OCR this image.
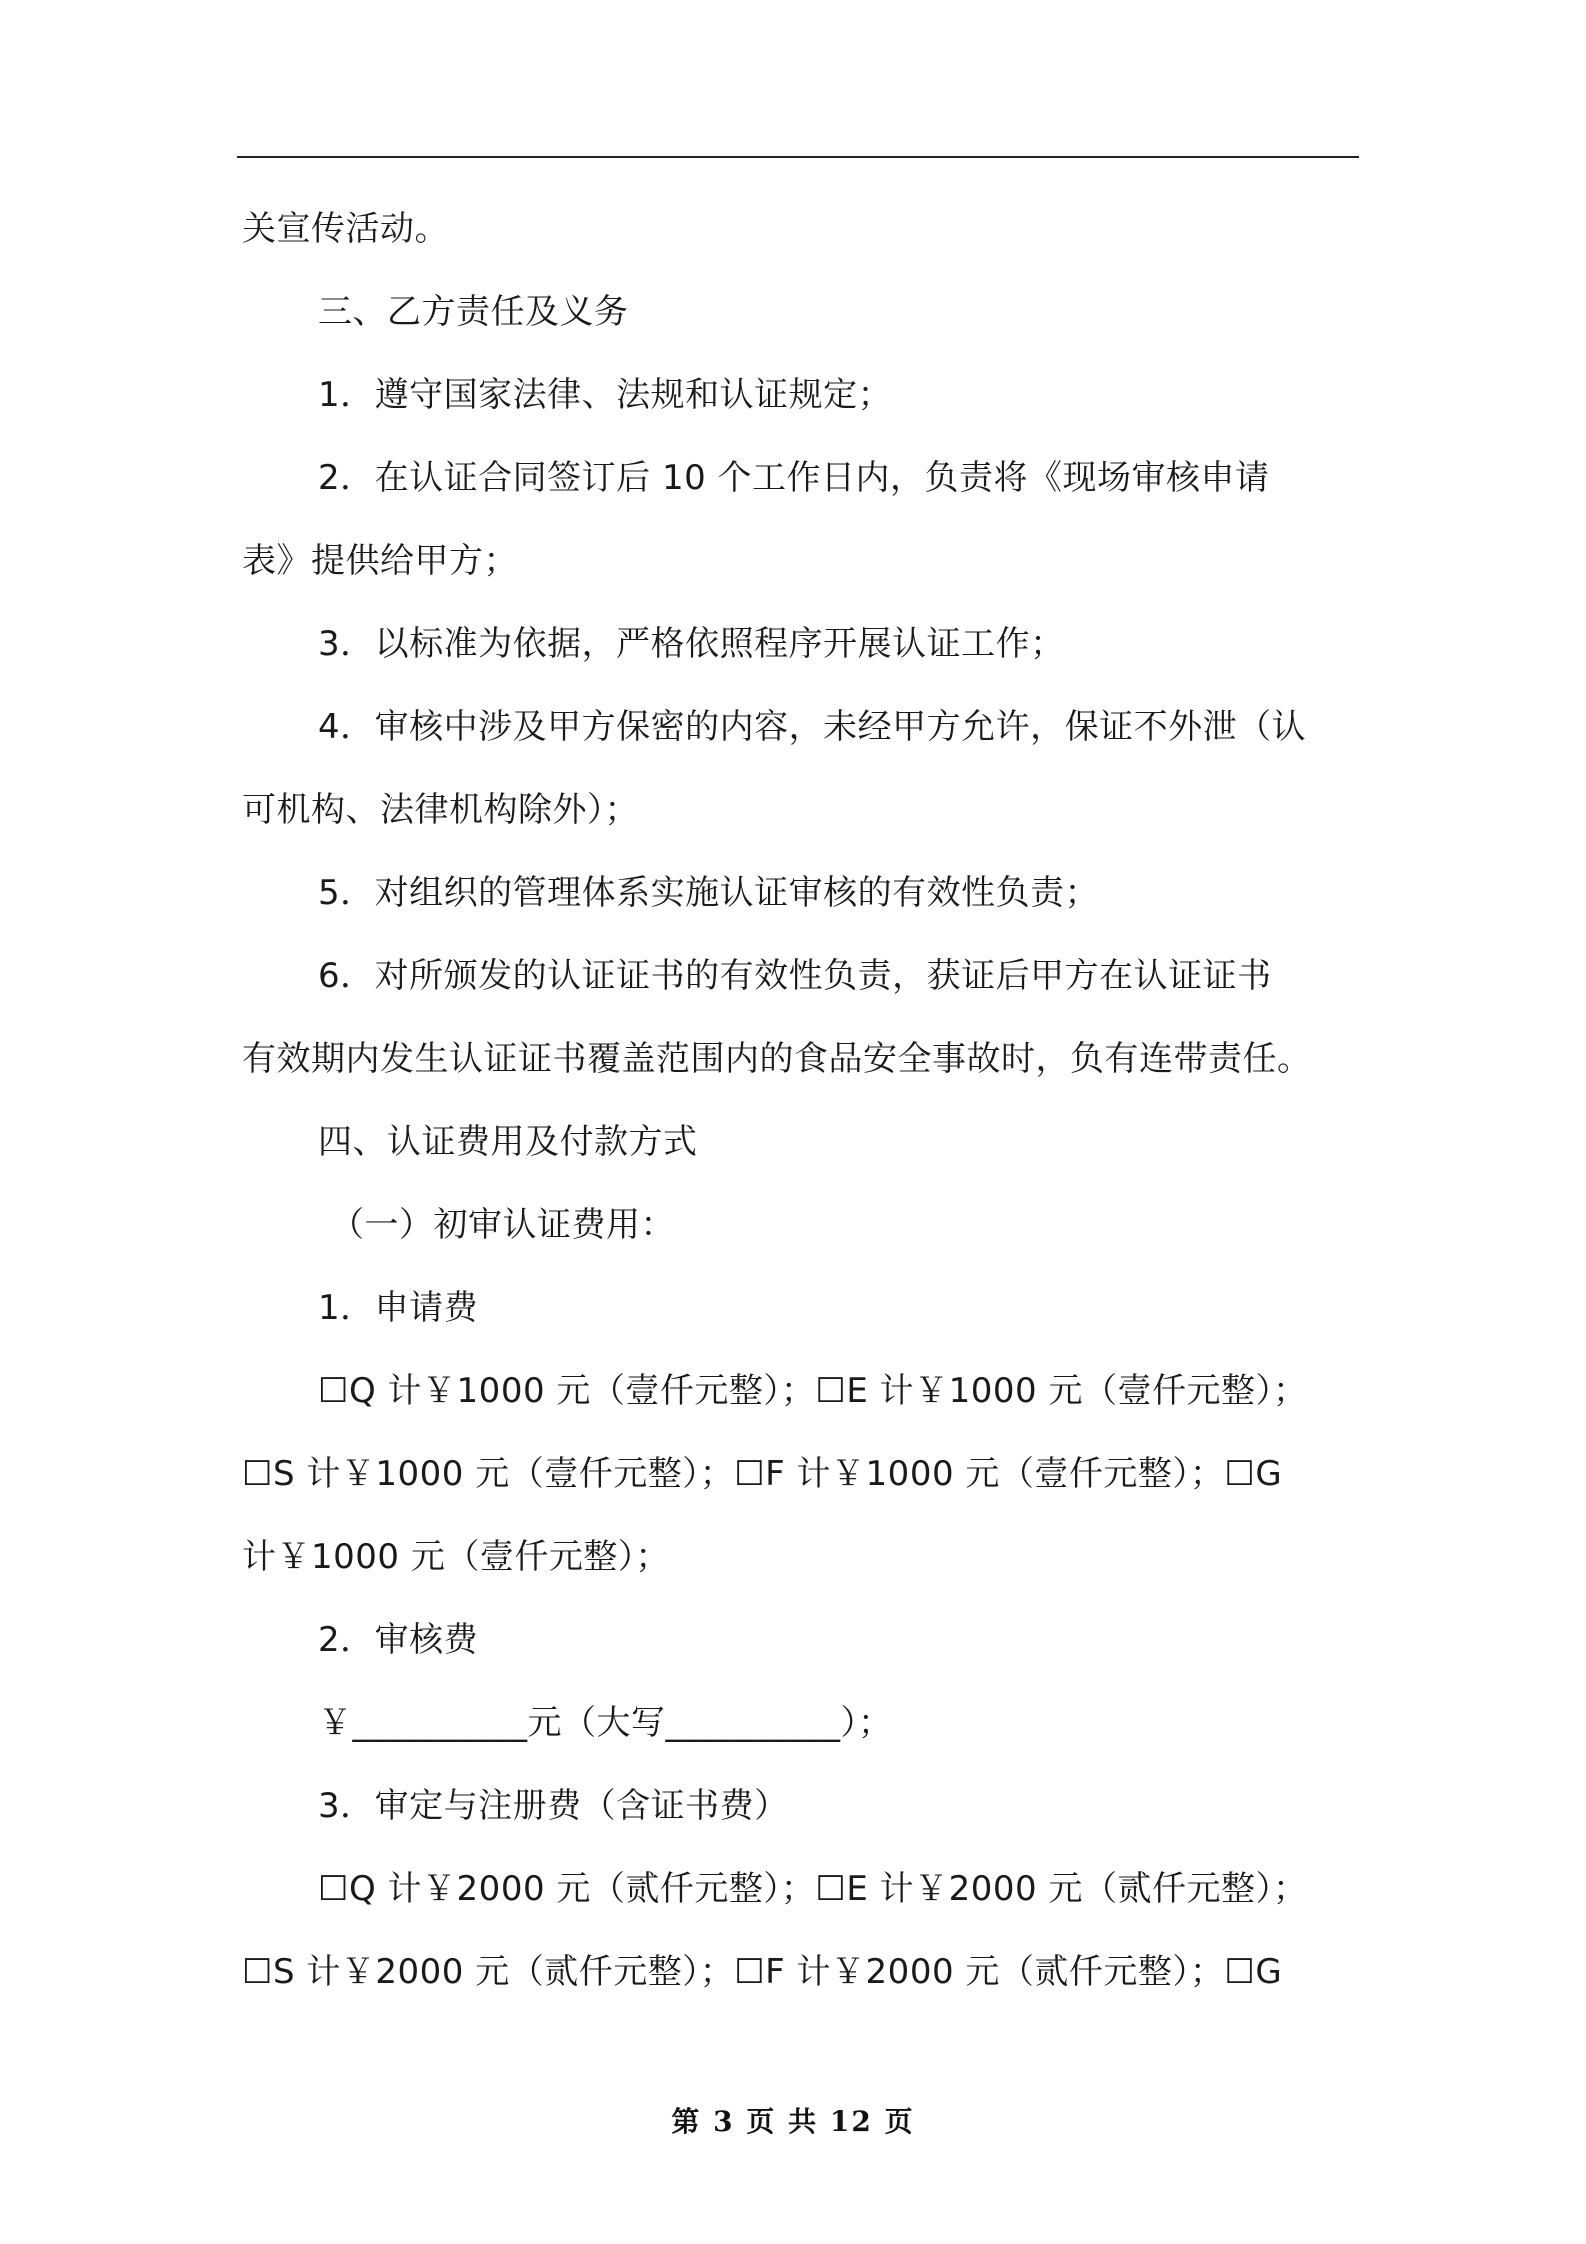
关宣传活动。
三、乙方责任及义务
1．遵守国家法律、法规和认证规定；
2．在认证合同签订后 10 个工作日内，负责将《现场审核申请
表》提供给甲方；
3．以标准为依据，严格依照程序开展认证工作；
4．审核中涉及甲方保密的内容，未经甲方允许，保证不外泄（认
可机构、法律机构除外）；
5．对组织的管理体系实施认证审核的有效性负责；
6．对所颁发的认证证书的有效性负责，获证后甲方在认证证书
有效期内发生认证证书覆盖范围内的食品安全事故时，负有连带责任。
四、认证费用及付款方式
（一）初审认证费用：
1．申请费
☐Q 计￥1000 元（壹仟元整）；☐E 计￥1000 元（壹仟元整）；
☐S 计￥1000 元（壹仟元整）；☐F 计￥1000 元（壹仟元整）；☐G
计￥1000 元（壹仟元整）；
2．审核费
￥__________元（大写__________）；
3．审定与注册费（含证书费）
☐Q 计￥2000 元（贰仟元整）；☐E 计￥2000 元（贰仟元整）；
☐S 计￥2000 元（贰仟元整）；☐F 计￥2000 元（贰仟元整）；☐G
第 3 页 共 12 页
